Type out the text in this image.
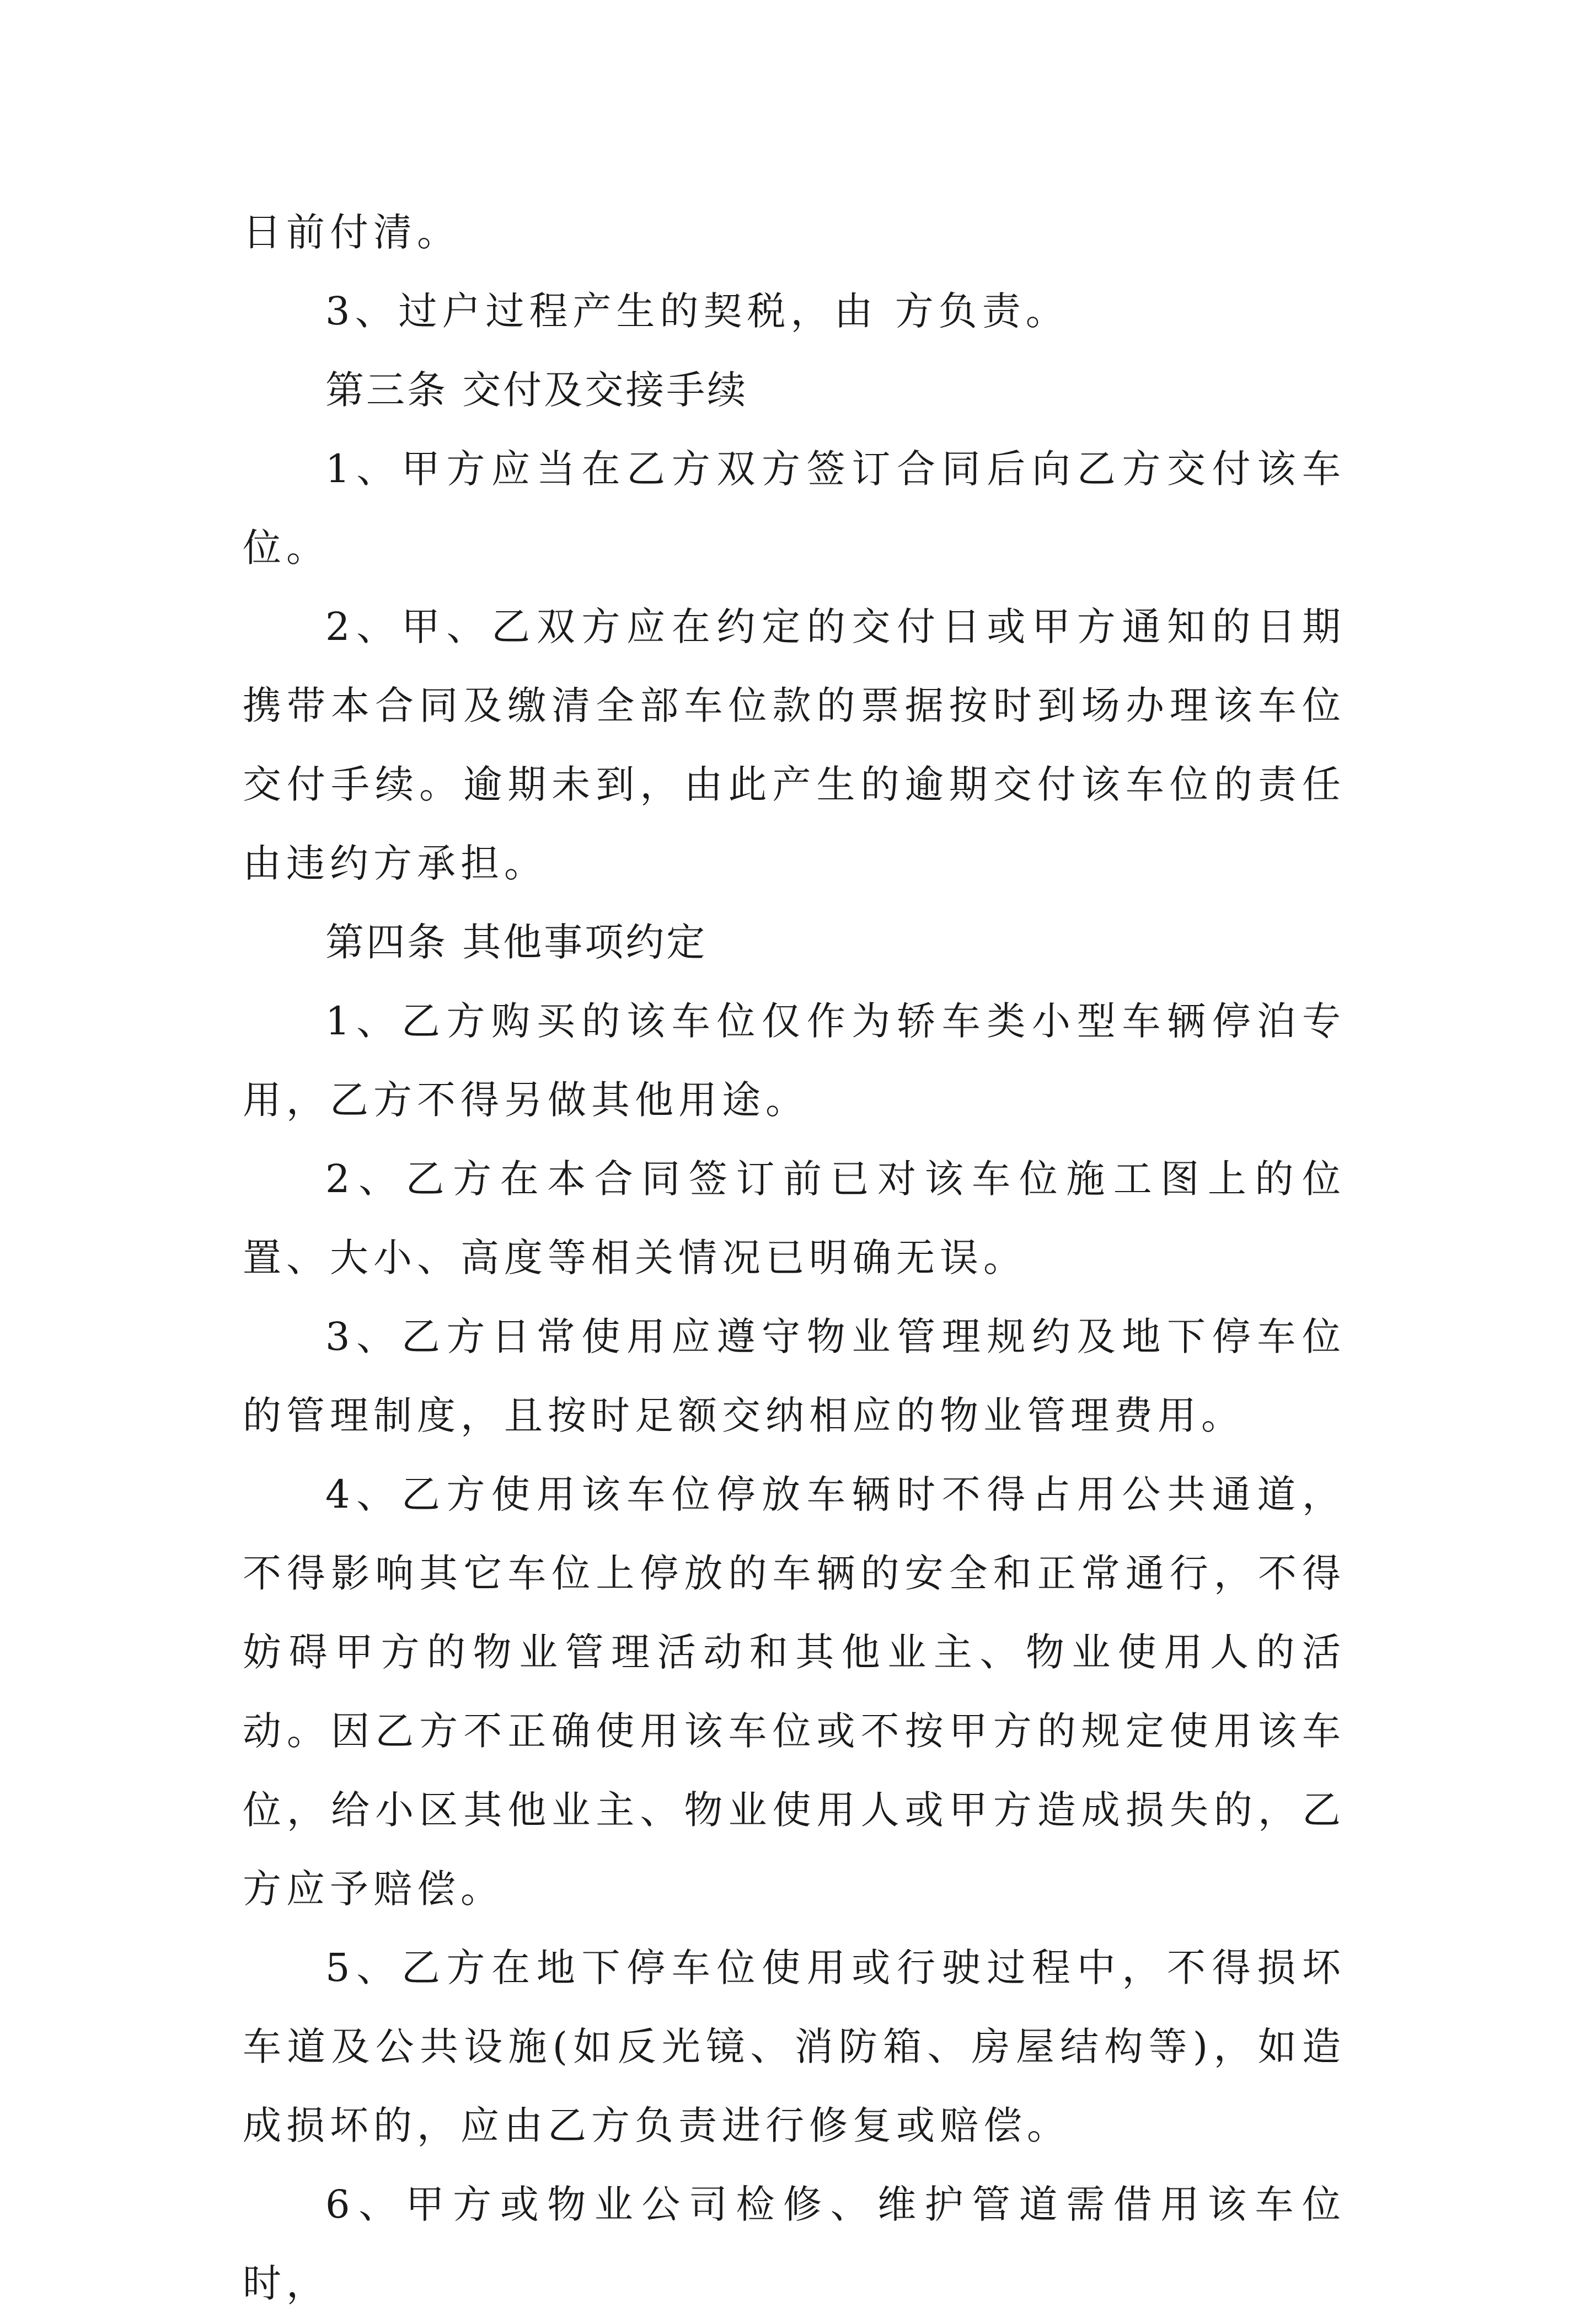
日前付清。

3、过户过程产生的契税，由 方负责。

第三条 交付及交接手续

1、甲方应当在乙方双方签订合同后向乙方交付该车位。

2、甲、乙双方应在约定的交付日或甲方通知的日期携带本合同及缴清全部车位款的票据按时到场办理该车位交付手续。逾期未到，由此产生的逾期交付该车位的责任由违约方承担。

第四条 其他事项约定

1、乙方购买的该车位仅作为轿车类小型车辆停泊专用，乙方不得另做其他用途。

2、乙方在本合同签订前已对该车位施工图上的位置、大小、高度等相关情况已明确无误。

3、乙方日常使用应遵守物业管理规约及地下停车位的管理制度，且按时足额交纳相应的物业管理费用。

4、乙方使用该车位停放车辆时不得占用公共通道，不得影响其它车位上停放的车辆的安全和正常通行，不得妨碍甲方的物业管理活动和其他业主、物业使用人的活动。因乙方不正确使用该车位或不按甲方的规定使用该车位，给小区其他业主、物业使用人或甲方造成损失的，乙方应予赔偿。

5、乙方在地下停车位使用或行驶过程中，不得损坏车道及公共设施(如反光镜、消防箱、房屋结构等)，如造成损坏的，应由乙方负责进行修复或赔偿。

6、甲方或物业公司检修、维护管道需借用该车位时，
